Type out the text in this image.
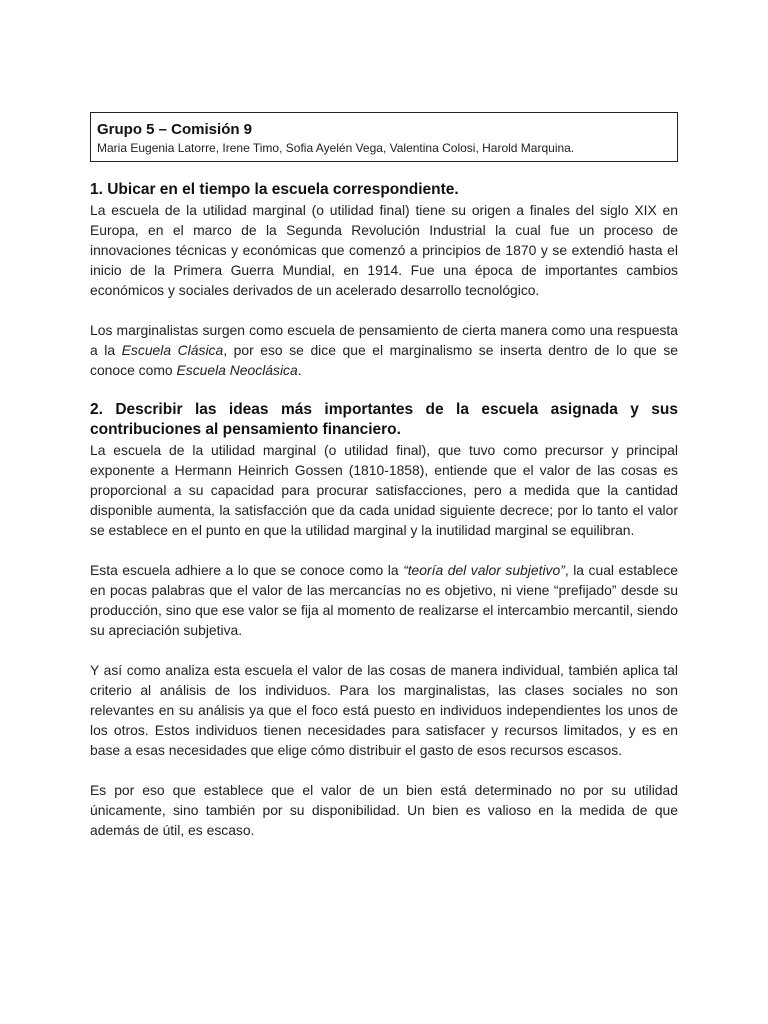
Grupo 5 – Comisión 9
Maria Eugenia Latorre, Irene Timo, Sofia Ayelén Vega, Valentina Colosi, Harold Marquina.
1. Ubicar en el tiempo la escuela correspondiente.

La escuela de la utilidad marginal (o utilidad final) tiene su origen a finales del siglo XIX en Europa, en el marco de la Segunda Revolución Industrial la cual fue un proceso de innovaciones técnicas y económicas que comenzó a principios de 1870 y se extendió hasta el inicio de la Primera Guerra Mundial, en 1914. Fue una época de importantes cambios económicos y sociales derivados de un acelerado desarrollo tecnológico.

Los marginalistas surgen como escuela de pensamiento de cierta manera como una respuesta a la Escuela Clásica, por eso se dice que el marginalismo se inserta dentro de lo que se conoce como Escuela Neoclásica.

2. Describir las ideas más importantes de la escuela asignada y sus contribuciones al pensamiento financiero.

La escuela de la utilidad marginal (o utilidad final), que tuvo como precursor y principal exponente a Hermann Heinrich Gossen (1810-1858), entiende que el valor de las cosas es proporcional a su capacidad para procurar satisfacciones, pero a medida que la cantidad disponible aumenta, la satisfacción que da cada unidad siguiente decrece; por lo tanto el valor se establece en el punto en que la utilidad marginal y la inutilidad marginal se equilibran.

Esta escuela adhiere a lo que se conoce como la “teoría del valor subjetivo”, la cual establece en pocas palabras que el valor de las mercancías no es objetivo, ni viene “prefijado” desde su producción, sino que ese valor se fija al momento de realizarse el intercambio mercantil, siendo su apreciación subjetiva.

Y así como analiza esta escuela el valor de las cosas de manera individual, también aplica tal criterio al análisis de los individuos. Para los marginalistas, las clases sociales no son relevantes en su análisis ya que el foco está puesto en individuos independientes los unos de los otros. Estos individuos tienen necesidades para satisfacer y recursos limitados, y es en base a esas necesidades que elige cómo distribuir el gasto de esos recursos escasos.

Es por eso que establece que el valor de un bien está determinado no por su utilidad únicamente, sino también por su disponibilidad. Un bien es valioso en la medida de que además de útil, es escaso.
